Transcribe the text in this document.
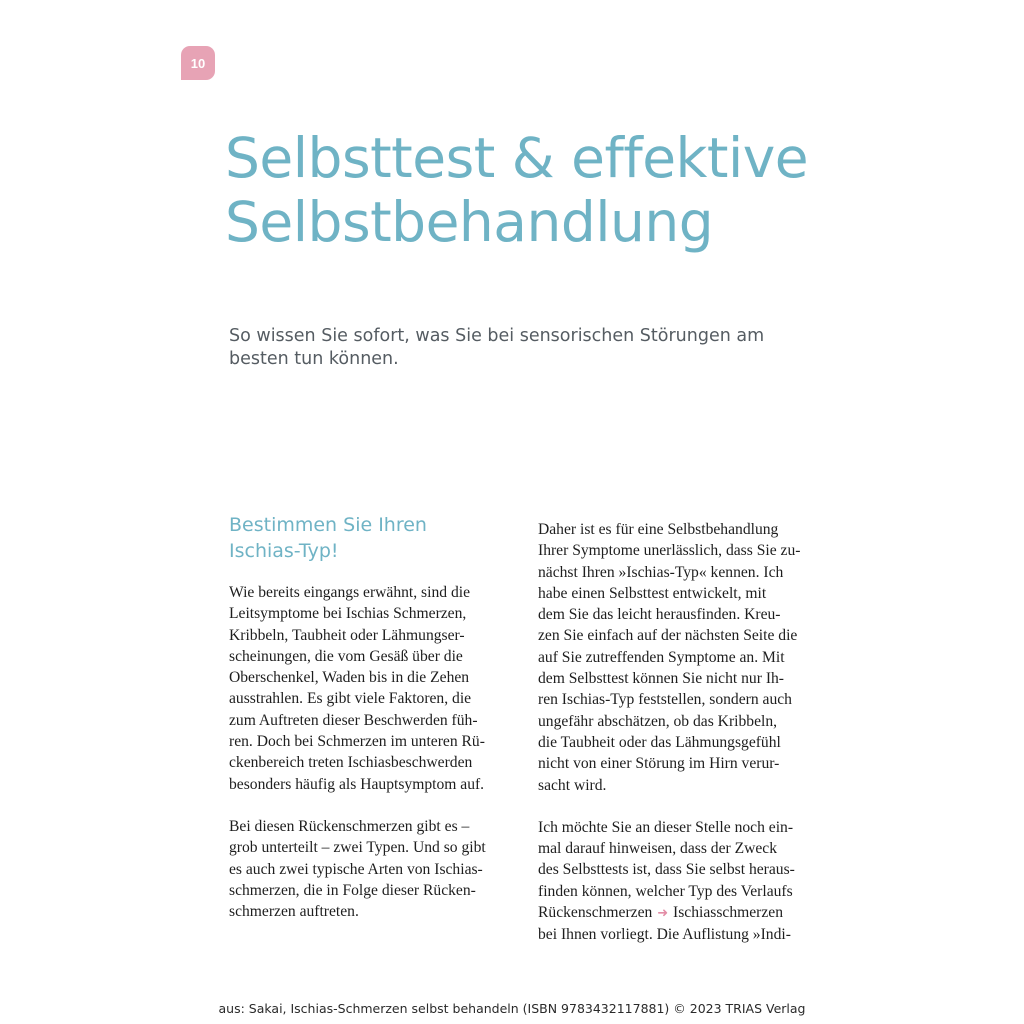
10
Selbsttest & effektive
Selbstbehandlung

So wissen Sie sofort, was Sie bei sensorischen Störungen am
besten tun können.

Bestimmen Sie Ihren
Ischias-Typ!

Wie bereits eingangs erwähnt, sind die
Leitsymptome bei Ischias Schmerzen,
Kribbeln, Taubheit oder Lähmungser-
scheinungen, die vom Gesäß über die
Oberschenkel, Waden bis in die Zehen
ausstrahlen. Es gibt viele Faktoren, die
zum Auftreten dieser Beschwerden füh-
ren. Doch bei Schmerzen im unteren Rü-
ckenbereich treten Ischiasbeschwerden
besonders häufig als Hauptsymptom auf.

Bei diesen Rückenschmerzen gibt es –
grob unterteilt – zwei Typen. Und so gibt
es auch zwei typische Arten von Ischias-
schmerzen, die in Folge dieser Rücken-
schmerzen auftreten.

Daher ist es für eine Selbstbehandlung
Ihrer Symptome unerlässlich, dass Sie zu-
nächst Ihren »Ischias-Typ« kennen. Ich
habe einen Selbsttest entwickelt, mit
dem Sie das leicht herausfinden. Kreu-
zen Sie einfach auf der nächsten Seite die
auf Sie zutreffenden Symptome an. Mit
dem Selbsttest können Sie nicht nur Ih-
ren Ischias-Typ feststellen, sondern auch
ungefähr abschätzen, ob das Kribbeln,
die Taubheit oder das Lähmungsgefühl
nicht von einer Störung im Hirn verur-
sacht wird.

Ich möchte Sie an dieser Stelle noch ein-
mal darauf hinweisen, dass der Zweck
des Selbsttests ist, dass Sie selbst heraus-
finden können, welcher Typ des Verlaufs
Rückenschmerzen ➜ Ischiasschmerzen
bei Ihnen vorliegt. Die Auflistung »Indi-

aus: Sakai, Ischias-Schmerzen selbst behandeln (ISBN 9783432117881) © 2023 TRIAS Verlag
